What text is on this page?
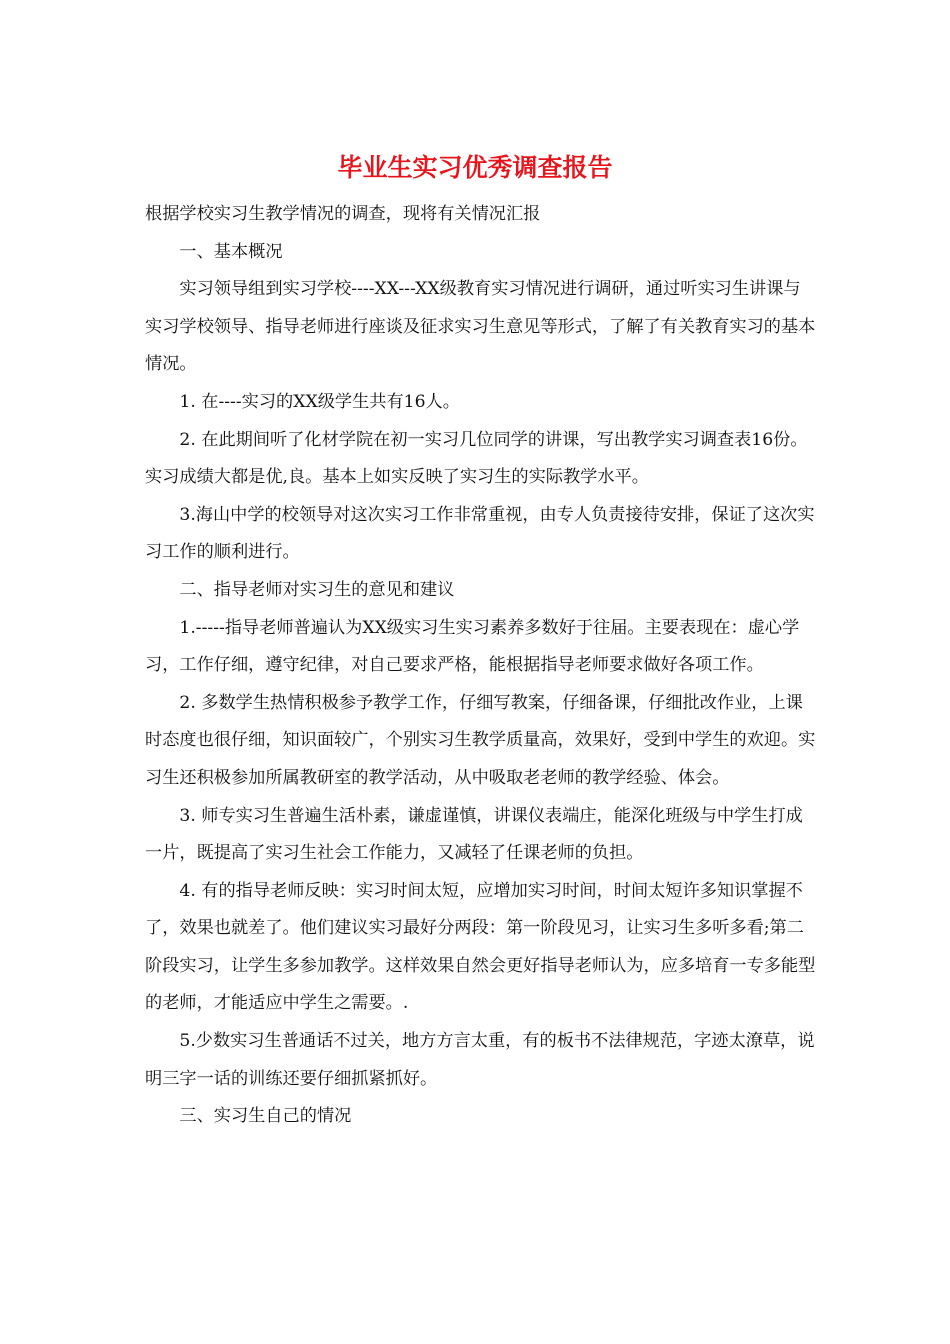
毕业生实习优秀调查报告

根据学校实习生教学情况的调查，现将有关情况汇报

一、基本概况

实习领导组到实习学校----XX---XX级教育实习情况进行调研，通过听实习生讲课与实习学校领导、指导老师进行座谈及征求实习生意见等形式，了解了有关教育实习的基本情况。

1. 在----实习的XX级学生共有16人。

2. 在此期间听了化材学院在初一实习几位同学的讲课，写出教学实习调查表16份。 实习成绩大都是优,良。基本上如实反映了实习生的实际教学水平。

3.海山中学的校领导对这次实习工作非常重视，由专人负责接待安排，保证了这次实习工作的顺利进行。

二、指导老师对实习生的意见和建议

1.-----指导老师普遍认为XX级实习生实习素养多数好于往届。主要表现在：虚心学习，工作仔细，遵守纪律，对自己要求严格，能根据指导老师要求做好各项工作。

2. 多数学生热情积极参予教学工作，仔细写教案，仔细备课，仔细批改作业，上课时态度也很仔细，知识面较广，个别实习生教学质量高，效果好，受到中学生的欢迎。实习生还积极参加所属教研室的教学活动，从中吸取老老师的教学经验、体会。

3. 师专实习生普遍生活朴素，谦虚谨慎，讲课仪表端庄，能深化班级与中学生打成一片，既提高了实习生社会工作能力，又减轻了任课老师的负担。

4. 有的指导老师反映：实习时间太短，应增加实习时间，时间太短许多知识掌握不了，效果也就差了。他们建议实习最好分两段：第一阶段见习，让实习生多听多看;第二阶段实习，让学生多参加教学。这样效果自然会更好指导老师认为，应多培育一专多能型的老师，才能适应中学生之需要。.

5.少数实习生普通话不过关，地方方言太重，有的板书不法律规范，字迹太潦草，说明三字一话的训练还要仔细抓紧抓好。

三、实习生自己的情况
